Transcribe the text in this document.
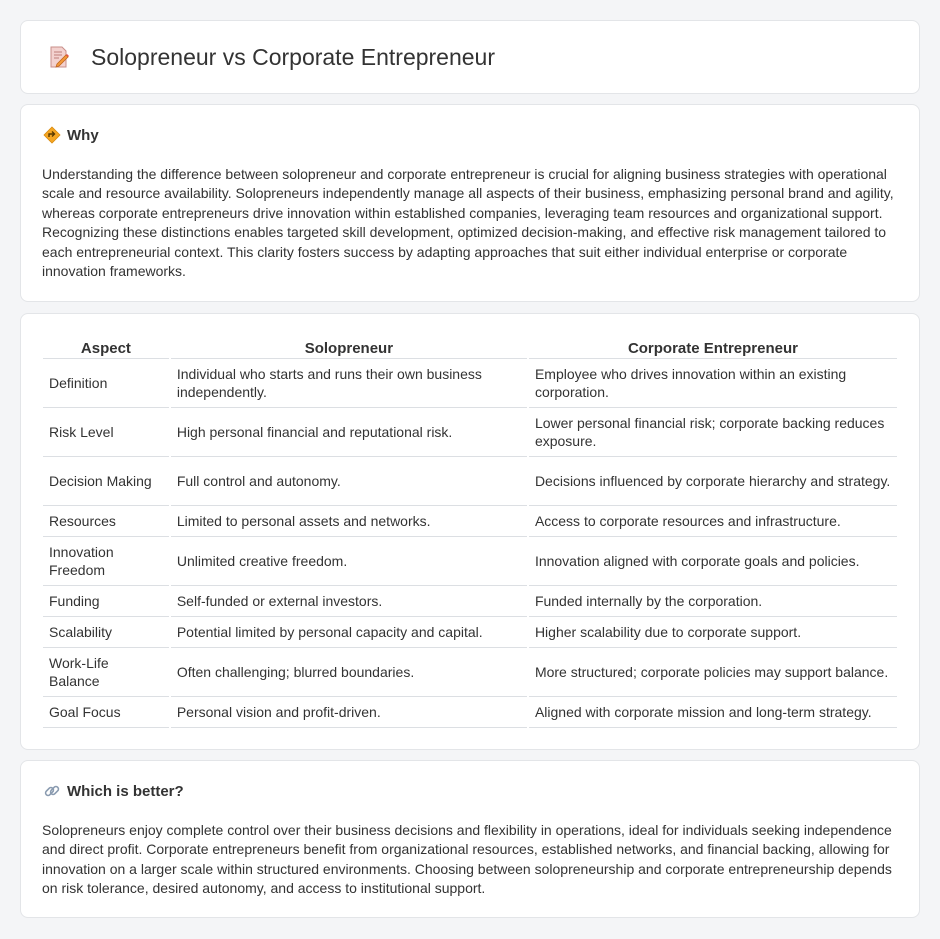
Solopreneur vs Corporate Entrepreneur
Why

Understanding the difference between solopreneur and corporate entrepreneur is crucial for aligning business strategies with operational scale and resource availability. Solopreneurs independently manage all aspects of their business, emphasizing personal brand and agility, whereas corporate entrepreneurs drive innovation within established companies, leveraging team resources and organizational support. Recognizing these distinctions enables targeted skill development, optimized decision-making, and effective risk management tailored to each entrepreneurial context. This clarity fosters success by adapting approaches that suit either individual enterprise or corporate innovation frameworks.

Aspect	Solopreneur	Corporate Entrepreneur
Definition	Individual who starts and runs their own business independently.	Employee who drives innovation within an existing corporation.
Risk Level	High personal financial and reputational risk.	Lower personal financial risk; corporate backing reduces exposure.
Decision Making	Full control and autonomy.	Decisions influenced by corporate hierarchy and strategy.
Resources	Limited to personal assets and networks.	Access to corporate resources and infrastructure.
Innovation Freedom	Unlimited creative freedom.	Innovation aligned with corporate goals and policies.
Funding	Self-funded or external investors.	Funded internally by the corporation.
Scalability	Potential limited by personal capacity and capital.	Higher scalability due to corporate support.
Work-Life Balance	Often challenging; blurred boundaries.	More structured; corporate policies may support balance.
Goal Focus	Personal vision and profit-driven.	Aligned with corporate mission and long-term strategy.
Which is better?

Solopreneurs enjoy complete control over their business decisions and flexibility in operations, ideal for individuals seeking independence and direct profit. Corporate entrepreneurs benefit from organizational resources, established networks, and financial backing, allowing for innovation on a larger scale within structured environments. Choosing between solopreneurship and corporate entrepreneurship depends on risk tolerance, desired autonomy, and access to institutional support.
